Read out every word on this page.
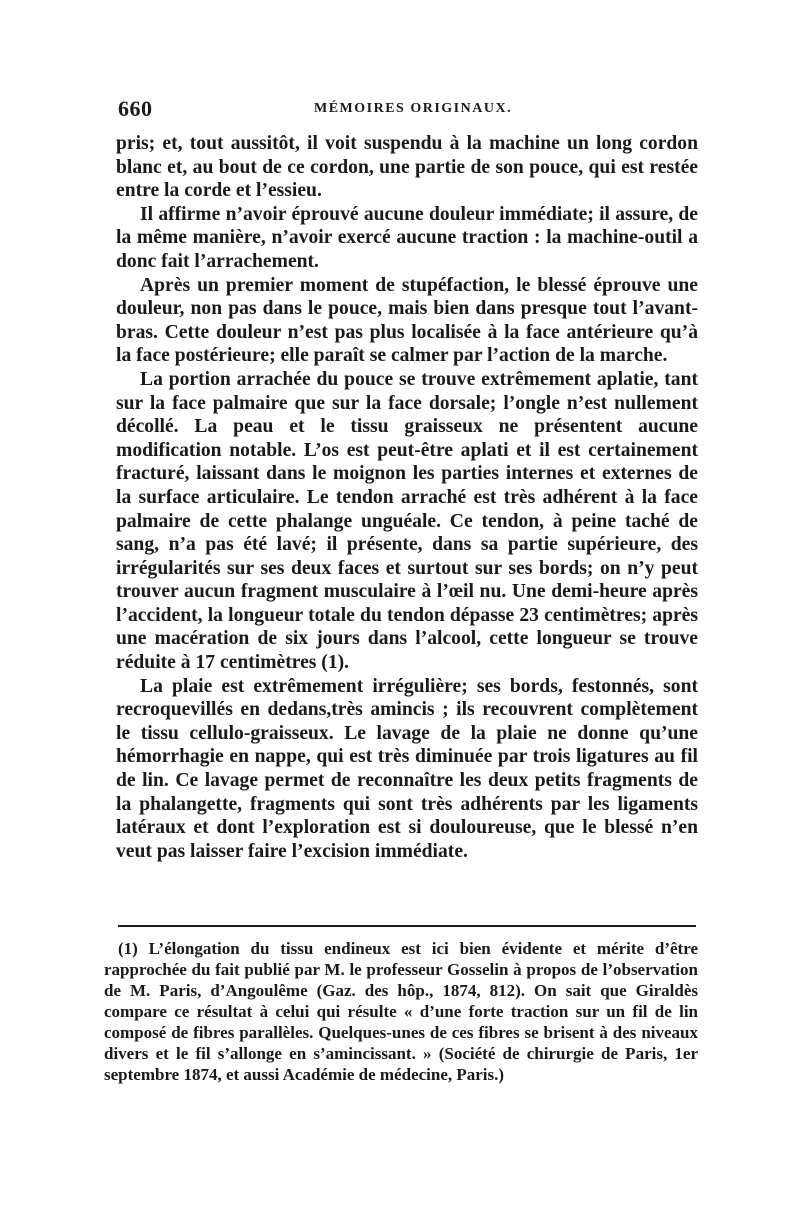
660	MÉMOIRES ORIGINAUX.

pris; et, tout aussitôt, il voit suspendu à la machine un long cordon blanc et, au bout de ce cordon, une partie de son pouce, qui est restée entre la corde et l’essieu.

Il affirme n’avoir éprouvé aucune douleur immédiate; il assure, de la même manière, n’avoir exercé aucune traction : la machine-outil a donc fait l’arrachement.

Après un premier moment de stupéfaction, le blessé éprouve une douleur, non pas dans le pouce, mais bien dans presque tout l’avant-bras. Cette douleur n’est pas plus localisée à la face antérieure qu’à la face postérieure; elle paraît se calmer par l’action de la marche.

La portion arrachée du pouce se trouve extrêmement aplatie, tant sur la face palmaire que sur la face dorsale; l’ongle n’est nullement décollé. La peau et le tissu graisseux ne présentent aucune modification notable. L’os est peut-être aplati et il est certainement fracturé, laissant dans le moignon les parties internes et externes de la surface articulaire. Le tendon arraché est très adhérent à la face palmaire de cette phalange unguéale. Ce tendon, à peine taché de sang, n’a pas été lavé; il présente, dans sa partie supérieure, des irrégularités sur ses deux faces et surtout sur ses bords; on n’y peut trouver aucun fragment musculaire à l’œil nu. Une demi-heure après l’accident, la longueur totale du tendon dépasse 23 centimètres; après une macération de six jours dans l’alcool, cette longueur se trouve réduite à 17 centimètres (1).

La plaie est extrêmement irrégulière; ses bords, festonnés, sont recroquevillés en dedans,très amincis ; ils recouvrent complètement le tissu cellulo-graisseux. Le lavage de la plaie ne donne qu’une hémorrhagie en nappe, qui est très diminuée par trois ligatures au fil de lin. Ce lavage permet de reconnaître les deux petits fragments de la phalangette, fragments qui sont très adhérents par les ligaments latéraux et dont l’exploration est si douloureuse, que le blessé n’en veut pas laisser faire l’excision immédiate.

(1) L’élongation du tissu endineux est ici bien évidente et mérite d’être rapprochée du fait publié par M. le professeur Gosselin à propos de l’observation de M. Paris, d’Angoulême (Gaz. des hôp., 1874, 812). On sait que Giraldès compare ce résultat à celui qui résulte « d’une forte traction sur un fil de lin composé de fibres parallèles. Quelques-unes de ces fibres se brisent à des niveaux divers et le fil s’allonge en s’amincissant. » (Société de chirurgie de Paris, 1er septembre 1874, et aussi Académie de médecine, Paris.)
